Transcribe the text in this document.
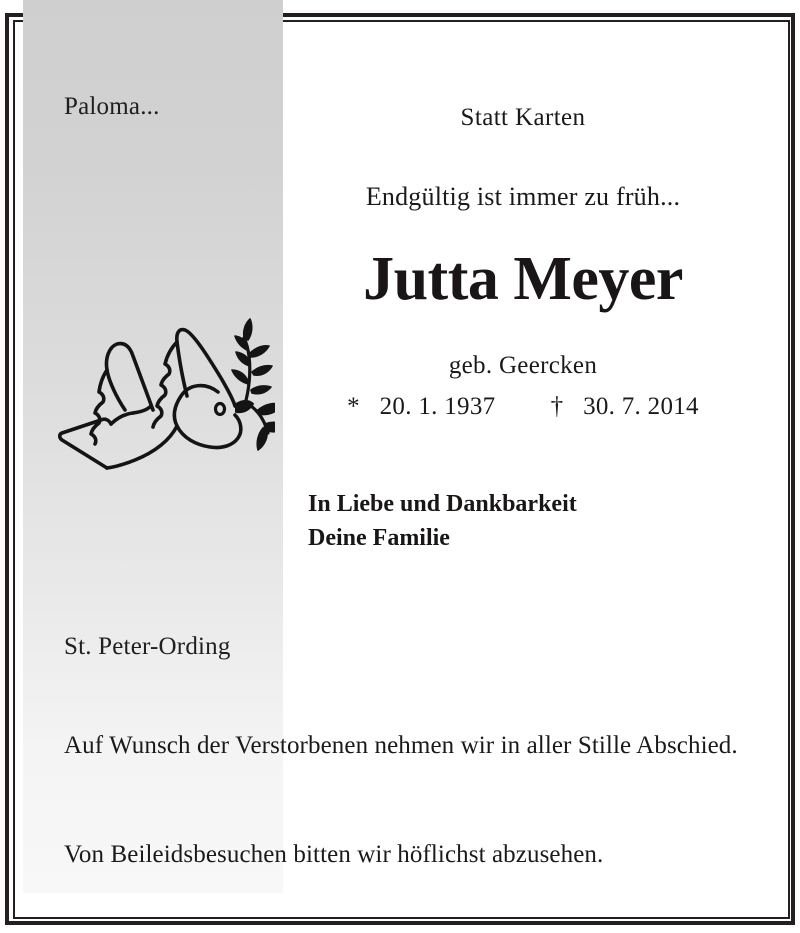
Paloma...
St. Peter-Ording
Statt Karten
Endgültig ist immer zu früh...
Jutta Meyer
geb. Geercken
* 20. 1. 1937 † 30. 7. 2014
In Liebe und Dankbarkeit
Deine Familie
Auf Wunsch der Verstorbenen nehmen wir in aller Stille Abschied.
Von Beileidsbesuchen bitten wir höflichst abzusehen.
